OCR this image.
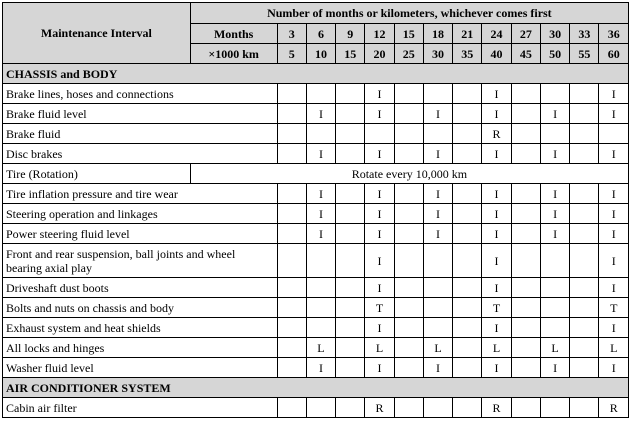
Maintenance Interval	Number of months or kilometers, whichever comes first												
	Months	3	6	9	12	15	18	21	24	27	30	33	36
	×1000 km	5	10	15	20	25	30	35	40	45	50	55	60
CHASSIS and BODY													
Brake lines, hoses and connections					I				I				I
Brake fluid level			I		I		I		I		I		I
Brake fluid									R				
Disc brakes			I		I		I		I		I		I
Tire (Rotation)	Rotate every 10,000 km												
Tire inflation pressure and tire wear			I		I		I		I		I		I
Steering operation and linkages			I		I		I		I		I		I
Power steering fluid level			I		I		I		I		I		I
Front and rear suspension, ball joints and wheel bearing axial play					I				I				I
Driveshaft dust boots					I				I				I
Bolts and nuts on chassis and body					T				T				T
Exhaust system and heat shields					I				I				I
All locks and hinges			L		L		L		L		L		L
Washer fluid level			I		I		I		I		I		I
AIR CONDITIONER SYSTEM													
Cabin air filter					R				R				R
